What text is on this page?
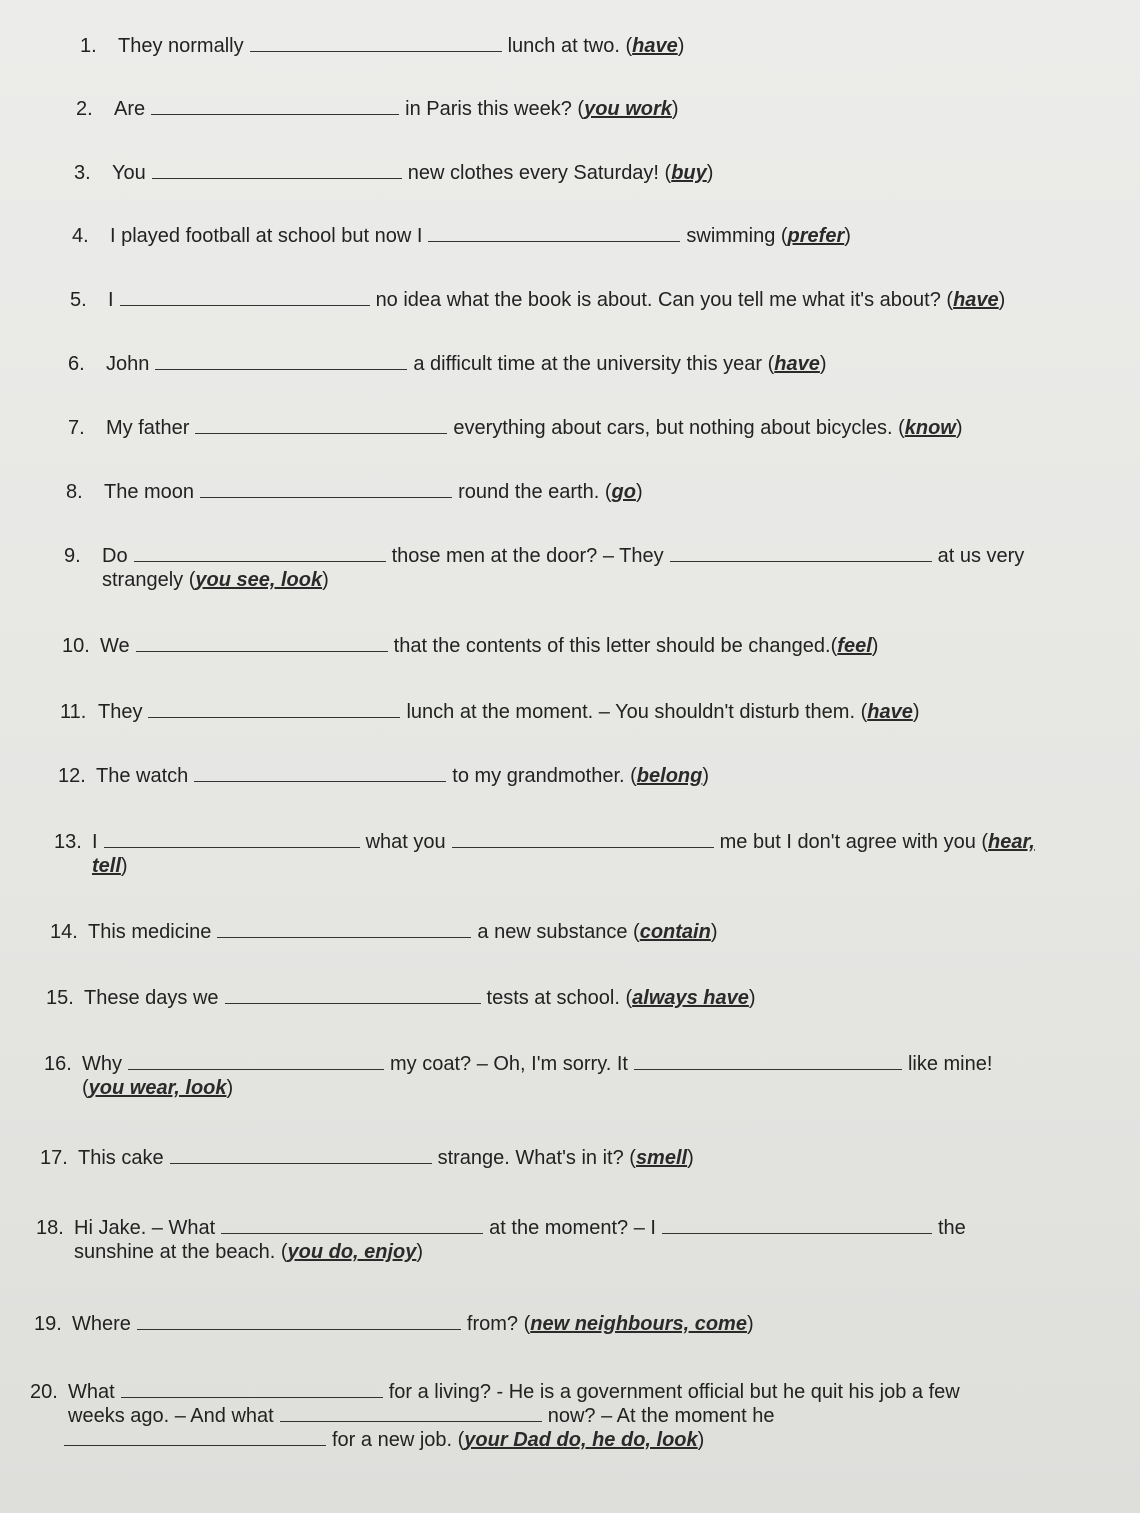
1. They normally	lunch at two. (have)
2. Are	in Paris this week? (you work)
3. You	new clothes every Saturday! (buy)
4. I played football at school but now I	swimming (prefer)
5. I	no idea what the book is about. Can you tell me what it's about? (have)
6. John	a difficult time at the university this year (have)
7. My father	everything about cars, but nothing about bicycles. (know)
8. The moon	round the earth. (go)
9. Do	those men at the door? – They	at us very
strangely (you see, look)
10. We	that the contents of this letter should be changed.(feel)
11. They	lunch at the moment. – You shouldn't disturb them. (have)
12. The watch	to my grandmother. (belong)
13. I	what you	me but I don't agree with you (hear,
tell)
14. This medicine	a new substance (contain)
15. These days we	tests at school. (always have)
16. Why	my coat? – Oh, I'm sorry. It	like mine!
(you wear, look)
17. This cake	strange. What's in it? (smell)
18. Hi Jake. – What	at the moment? – I	the
sunshine at the beach. (you do, enjoy)
19. Where	from? (new neighbours, come)
20. What	for a living? - He is a government official but he quit his job a few
weeks ago. – And what	now? – At the moment he
for a new job. (your Dad do, he do, look)
